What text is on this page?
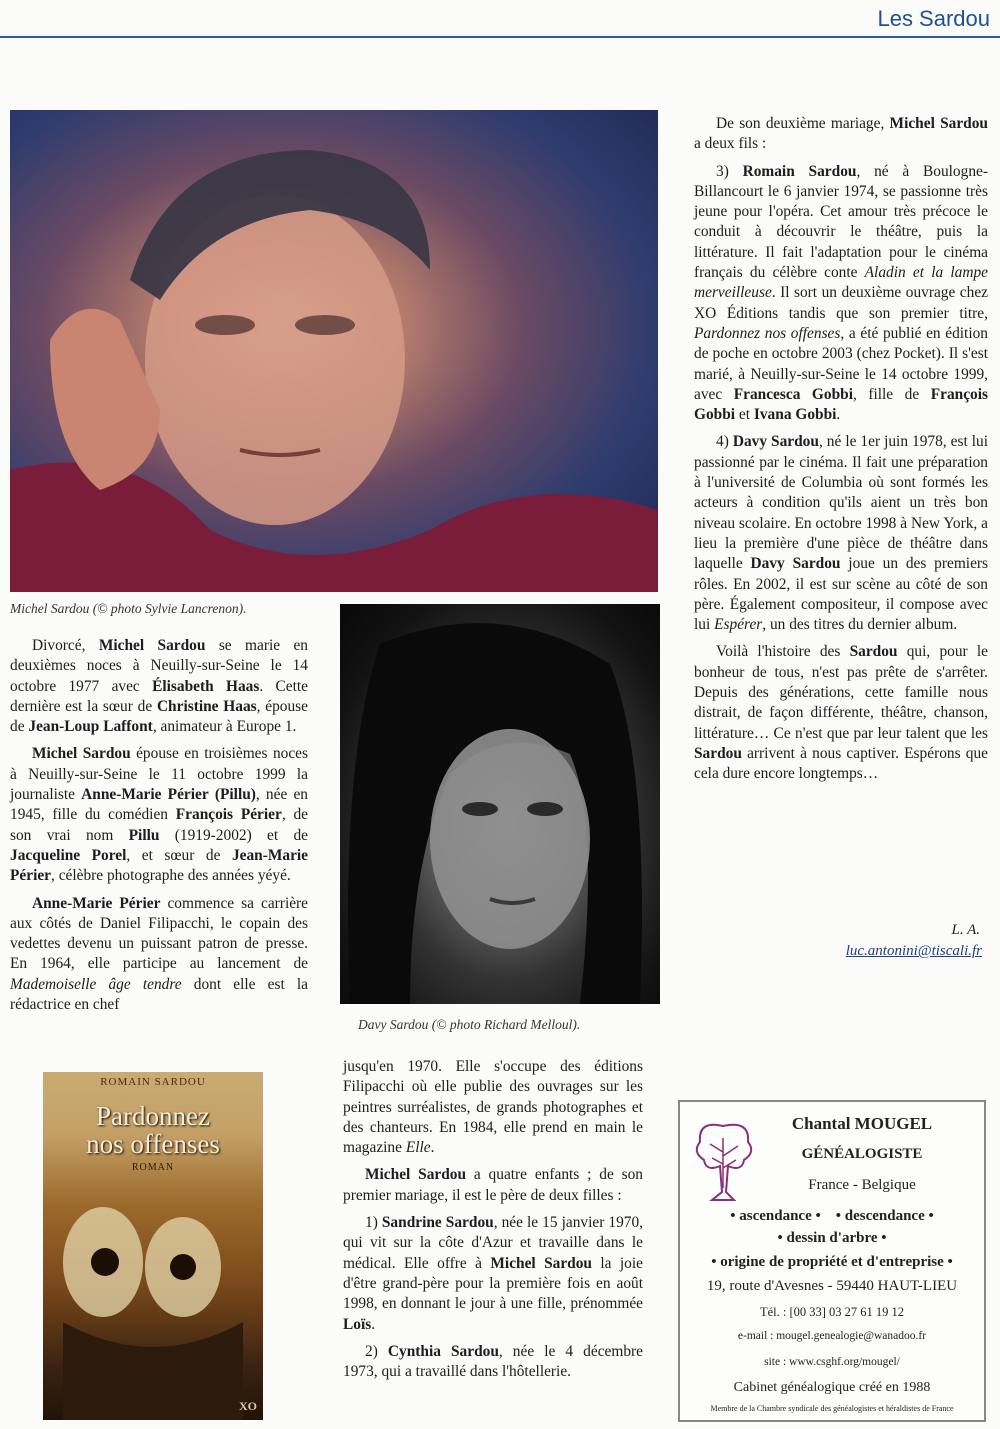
Les Sardou
Michel Sardou (© photo Sylvie Lancrenon).
Davy Sardou (© photo Richard Melloul).
ROMAIN SARDOU
Pardonnez
nos offenses
ROMAN
XO

Divorcé, Michel Sardou se marie en deuxièmes noces à Neuilly-sur-Seine le 14 octobre 1977 avec Élisabeth Haas. Cette dernière est la sœur de Christine Haas, épouse de Jean-Loup Laffont, animateur à Europe 1.

Michel Sardou épouse en troisièmes noces à Neuilly-sur-Seine le 11 octobre 1999 la journaliste Anne-Marie Périer (Pillu), née en 1945, fille du comédien François Périer, de son vrai nom Pillu (1919-2002) et de Jacqueline Porel, et sœur de Jean-Marie Périer, célèbre photographe des années yéyé.

Anne-Marie Périer commence sa carrière aux côtés de Daniel Filipacchi, le copain des vedettes devenu un puissant patron de presse. En 1964, elle participe au lancement de Mademoiselle âge tendre dont elle est la rédactrice en chef

jusqu'en 1970. Elle s'occupe des éditions Filipacchi où elle publie des ouvrages sur les peintres surréalistes, de grands photographes et des chanteurs. En 1984, elle prend en main le magazine Elle.

Michel Sardou a quatre enfants ; de son premier mariage, il est le père de deux filles :

1) Sandrine Sardou, née le 15 janvier 1970, qui vit sur la côte d'Azur et travaille dans le médical. Elle offre à Michel Sardou la joie d'être grand-père pour la première fois en août 1998, en donnant le jour à une fille, prénommée Loïs.

2) Cynthia Sardou, née le 4 décembre 1973, qui a travaillé dans l'hôtellerie.

De son deuxième mariage, Michel Sardou a deux fils :

3) Romain Sardou, né à Boulogne-Billancourt le 6 janvier 1974, se passionne très jeune pour l'opéra. Cet amour très précoce le conduit à découvrir le théâtre, puis la littérature. Il fait l'adaptation pour le cinéma français du célèbre conte Aladin et la lampe merveilleuse. Il sort un deuxième ouvrage chez XO Éditions tandis que son premier titre, Pardonnez nos offenses, a été publié en édition de poche en octobre 2003 (chez Pocket). Il s'est marié, à Neuilly-sur-Seine le 14 octobre 1999, avec Francesca Gobbi, fille de François Gobbi et Ivana Gobbi.

4) Davy Sardou, né le 1er juin 1978, est lui passionné par le cinéma. Il fait une préparation à l'université de Columbia où sont formés les acteurs à condition qu'ils aient un très bon niveau scolaire. En octobre 1998 à New York, a lieu la première d'une pièce de théâtre dans laquelle Davy Sardou joue un des premiers rôles. En 2002, il est sur scène au côté de son père. Également compositeur, il compose avec lui Espérer, un des titres du dernier album.

Voilà l'histoire des Sardou qui, pour le bonheur de tous, n'est pas prête de s'arrêter. Depuis des générations, cette famille nous distrait, de façon différente, théâtre, chanson, littérature… Ce n'est que par leur talent que les Sardou arrivent à nous captiver. Espérons que cela dure encore longtemps…

L. A.
luc.antonini@tiscali.fr
Chantal MOUGEL
GÉNÉALOGISTE
France - Belgique
• ascendance •    • descendance •
• dessin d'arbre •
• origine de propriété et d'entreprise •
19, route d'Avesnes - 59440 HAUT-LIEU
Tél. : [00 33] 03 27 61 19 12
e-mail : mougel.genealogie@wanadoo.fr
site : www.csghf.org/mougel/
Cabinet généalogique créé en 1988
Membre de la Chambre syndicale des généalogistes et héraldistes de France
